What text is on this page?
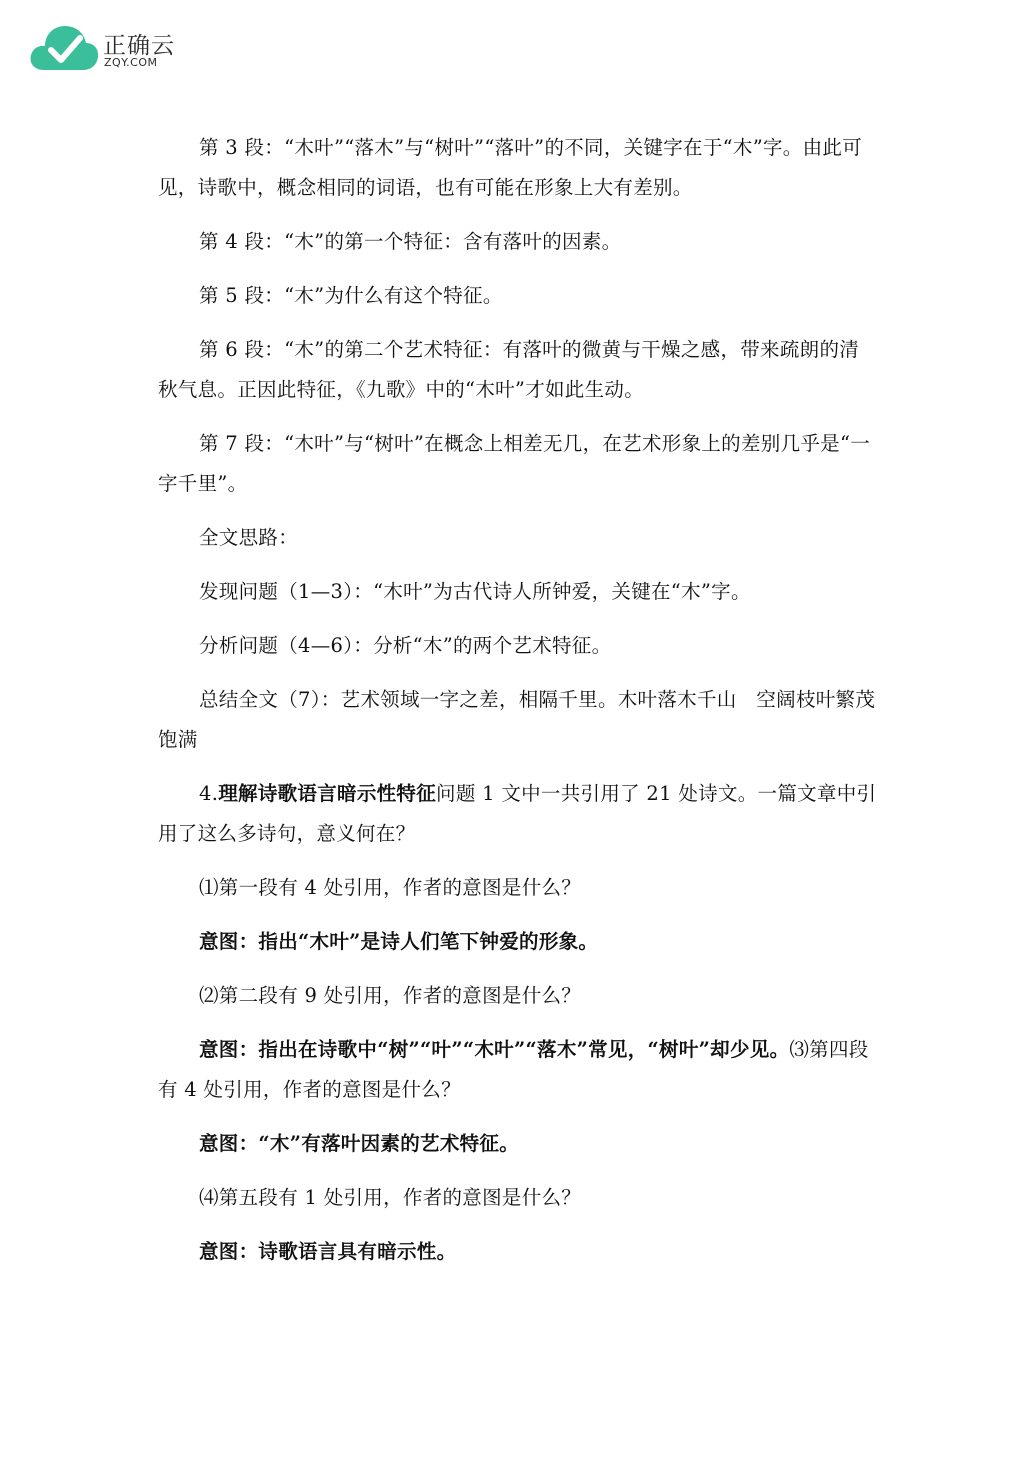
正确云
ZQY.COM

第 3 段：“木叶”“落木”与“树叶”“落叶”的不同，关键字在于“木”字。由此可见，诗歌中，概念相同的词语，也有可能在形象上大有差别。

第 4 段：“木”的第一个特征：含有落叶的因素。

第 5 段：“木”为什么有这个特征。

第 6 段：“木”的第二个艺术特征：有落叶的微黄与干燥之感，带来疏朗的清秋气息。正因此特征，《九歌》中的“木叶”才如此生动。

第 7 段：“木叶”与“树叶”在概念上相差无几，在艺术形象上的差别几乎是“一字千里”。

全文思路：

发现问题（1—3）：“木叶”为古代诗人所钟爱，关键在“木”字。

分析问题（4—6）：分析“木”的两个艺术特征。

总结全文（7）：艺术领域一字之差，相隔千里。木叶落木千山　空阔枝叶繁茂　饱满

4.理解诗歌语言暗示性特征问题 1 文中一共引用了 21 处诗文。一篇文章中引用了这么多诗句，意义何在？

⑴第一段有 4 处引用，作者的意图是什么？

意图：指出“木叶”是诗人们笔下钟爱的形象。

⑵第二段有 9 处引用，作者的意图是什么？

意图：指出在诗歌中“树”“叶”“木叶”“落木”常见，“树叶”却少见。⑶第四段有 4 处引用，作者的意图是什么？

意图：“木”有落叶因素的艺术特征。

⑷第五段有 1 处引用，作者的意图是什么？

意图：诗歌语言具有暗示性。
